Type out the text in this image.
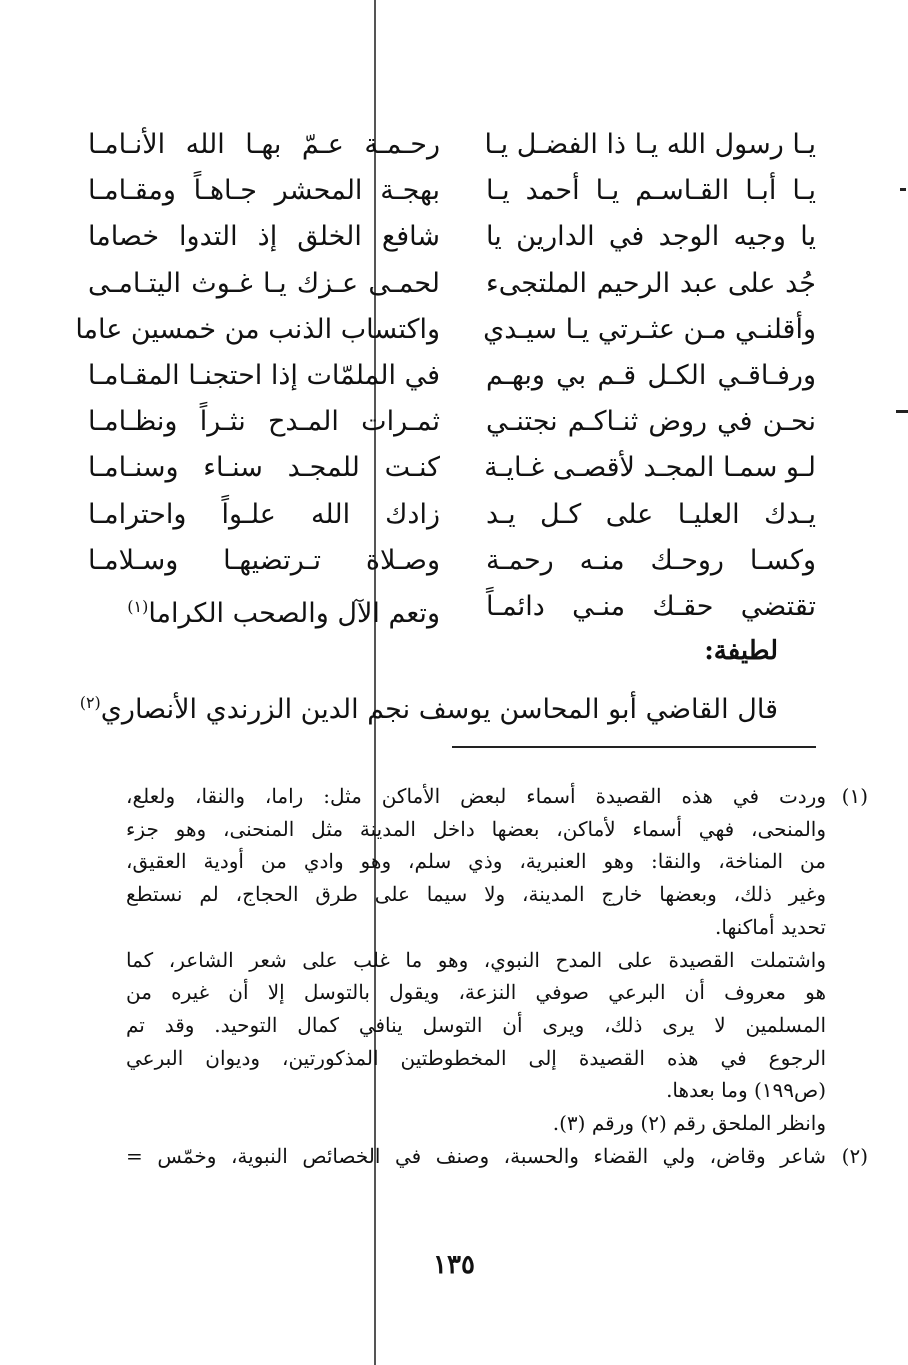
يـا رسول الله يـا ذا الفضـل يـا
رحـمـة عـمّ بهـا الله الأنـامـا
يـا أبـا القـاسـم يـا أحمد يـا
بهجـة المحشر جـاهـاً ومقـامـا
يا وجيه الوجد في الدارين يا
شافع الخلق إذ التدوا خصاما
جُد على عبد الرحيم الملتجىء
لحمـى عـزك يـا غـوث اليتـامـى
وأقلنـي مـن عثـرتي يـا سيـدي
واكتساب الذنب من خمسين عاما
ورفـاقـي الكـل قـم بي وبهـم
في الملمّات إذا احتجنـا المقـامـا
نحـن في روض ثنـاكـم نجتنـي
ثمـرات المـدح نثـراً ونظـامـا
لـو سمـا المجـد لأقصـى غـايـة
كنـت للمجـد سنـاء وسنـامـا
يـدك العليـا على كـل يـد
زادك الله علـواً واحترامـا
وكسـا روحـك منـه رحمـة
وصـلاة تـرتضيهـا وسـلامـا
تقتضي حقـك منـي دائمـاً
وتعم الآل والصحب الكراما$^{(١)}$
لطيفة:
قال القاضي أبو المحاسن يوسف نجم الدين الزرندي الأنصاري$^{(٢)}$
(١)
وردت في هذه القصيدة أسماء لبعض الأماكن مثل: راما، والنقا، ولعلع،
والمنحى، فهي أسماء لأماكن، بعضها داخل المدينة مثل المنحنى، وهو جزء
من المناخة، والنقا: وهو العنبرية، وذي سلم، وهو وادي من أودية العقيق،
وغير ذلك، وبعضها خارج المدينة، ولا سيما على طرق الحجاج، لم نستطع
تحديد أماكنها.
واشتملت القصيدة على المدح النبوي، وهو ما غلب على شعر الشاعر، كما
هو معروف أن البرعي صوفي النزعة، ويقول بالتوسل إلا أن غيره من
المسلمين لا يرى ذلك، ويرى أن التوسل ينافي كمال التوحيد. وقد تم
الرجوع في هذه القصيدة إلى المخطوطتين المذكورتين، وديوان البرعي
(ص١٩٩) وما بعدها.
وانظر الملحق رقم (٢) ورقم (٣).
(٢)
شاعر وقاض، ولي القضاء والحسبة، وصنف في الخصائص النبوية، وخمّس =
١٣٥
